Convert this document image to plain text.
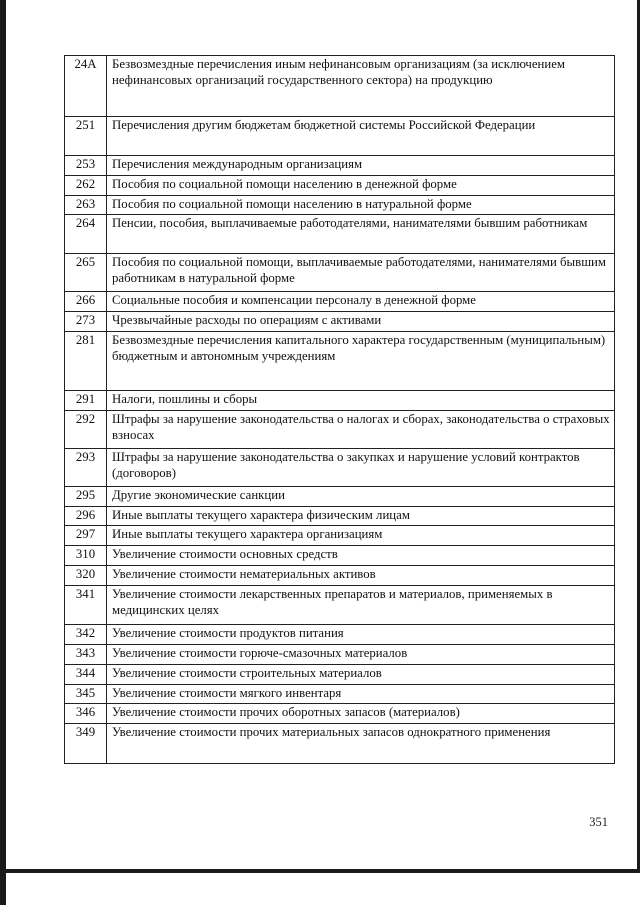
24A	Безвозмездные перечисления иным нефинансовым организациям (за исключением нефинансовых организаций государственного сектора) на продукцию
251	Перечисления другим бюджетам бюджетной системы Российской Федерации
253	Перечисления международным организациям
262	Пособия по социальной помощи населению в денежной форме
263	Пособия по социальной помощи населению в натуральной форме
264	Пенсии, пособия, выплачиваемые работодателями, нанимателями бывшим работникам
265	Пособия по социальной помощи, выплачиваемые работодателями, нанимателями бывшим работникам в натуральной форме
266	Социальные пособия и компенсации персоналу в денежной форме
273	Чрезвычайные расходы по операциям с активами
281	Безвозмездные перечисления капитального характера государственным (муниципальным) бюджетным и автономным учреждениям
291	Налоги, пошлины и сборы
292	Штрафы за нарушение законодательства о налогах и сборах, законодательства о страховых взносах
293	Штрафы за нарушение законодательства о закупках и нарушение условий контрактов (договоров)
295	Другие экономические санкции
296	Иные выплаты текущего характера физическим лицам
297	Иные выплаты текущего характера организациям
310	Увеличение стоимости основных средств
320	Увеличение стоимости нематериальных активов
341	Увеличение стоимости лекарственных препаратов и материалов, применяемых в медицинских целях
342	Увеличение стоимости продуктов питания
343	Увеличение стоимости горюче-смазочных материалов
344	Увеличение стоимости строительных материалов
345	Увеличение стоимости мягкого инвентаря
346	Увеличение стоимости прочих оборотных запасов (материалов)
349	Увеличение стоимости прочих материальных запасов однократного применения
351
